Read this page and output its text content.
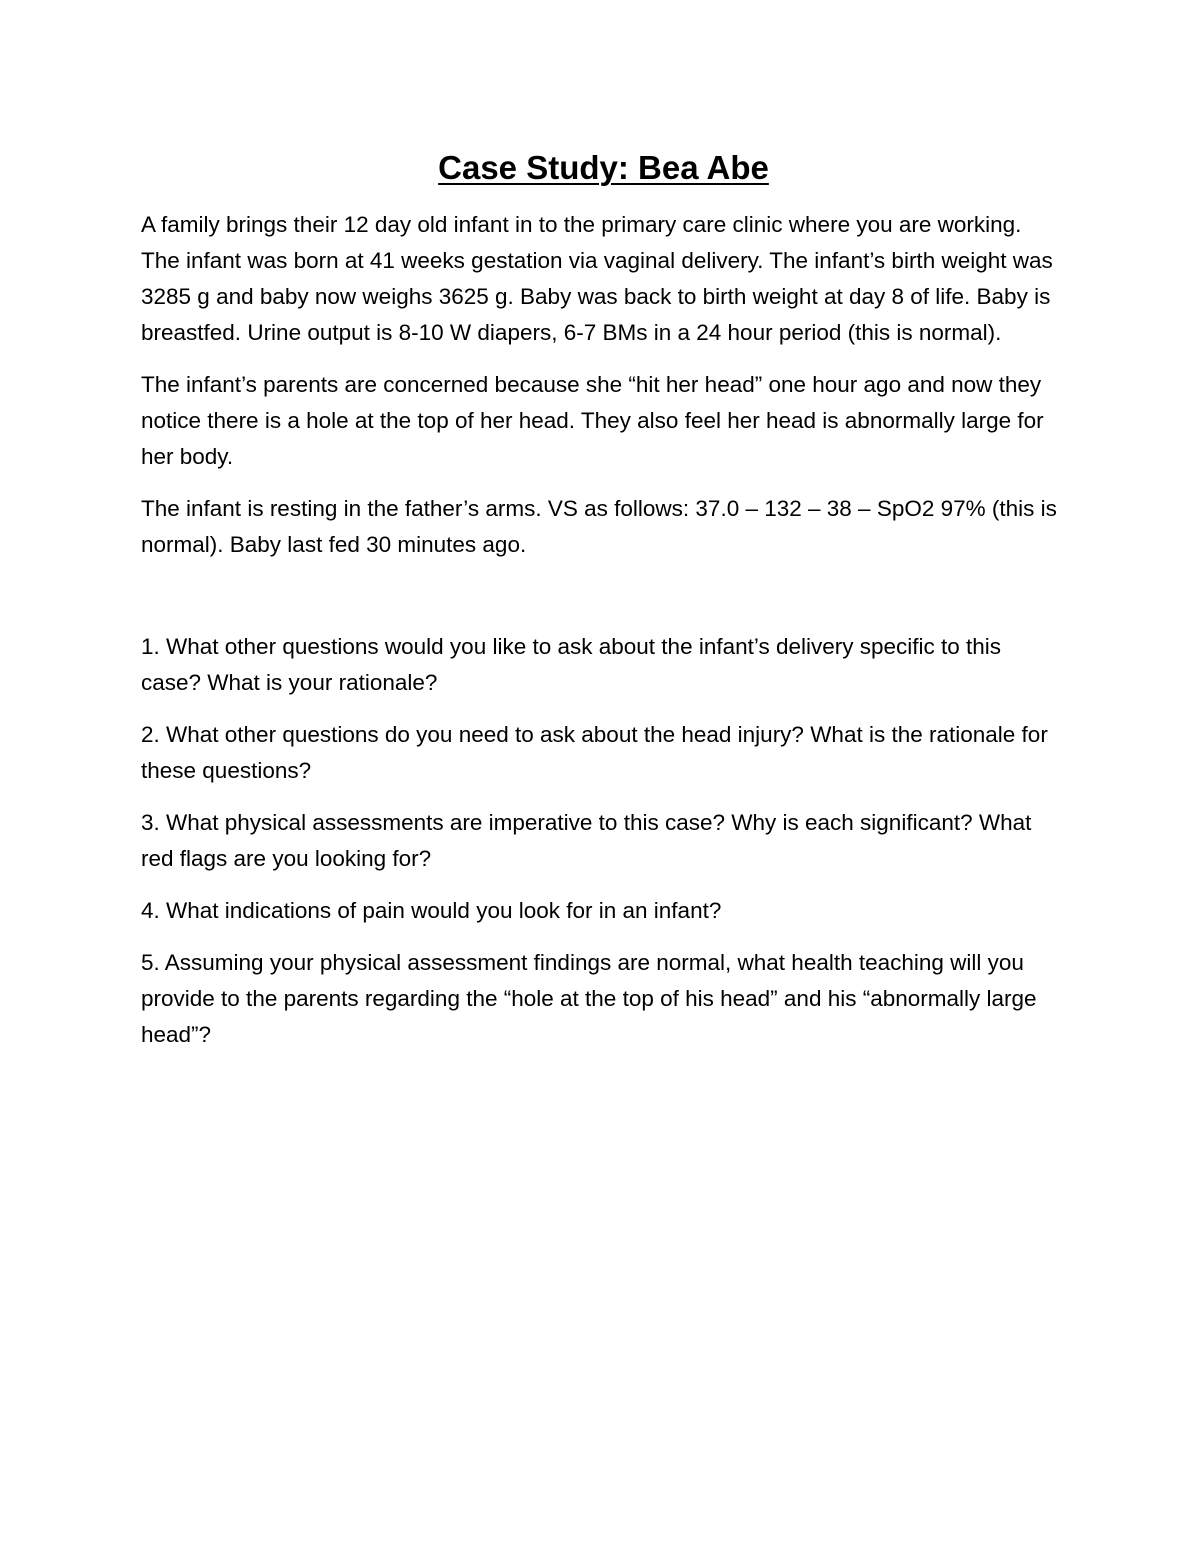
Case Study: Bea Abe

A family brings their 12 day old infant in to the primary care clinic where you are working. The infant was born at 41 weeks gestation via vaginal delivery. The infant’s birth weight was 3285 g and baby now weighs 3625 g. Baby was back to birth weight at day 8 of life. Baby is breastfed. Urine output is 8-10 W diapers, 6-7 BMs in a 24 hour period (this is normal).

The infant’s parents are concerned because she “hit her head” one hour ago and now they notice there is a hole at the top of her head. They also feel her head is abnormally large for her body.

The infant is resting in the father’s arms. VS as follows: 37.0 – 132 – 38 – SpO2 97% (this is normal). Baby last fed 30 minutes ago.

1. What other questions would you like to ask about the infant’s delivery specific to this case? What is your rationale?

2. What other questions do you need to ask about the head injury? What is the rationale for these questions?

3. What physical assessments are imperative to this case? Why is each significant? What red flags are you looking for?

4. What indications of pain would you look for in an infant?

5. Assuming your physical assessment findings are normal, what health teaching will you provide to the parents regarding the “hole at the top of his head” and his “abnormally large head”?
